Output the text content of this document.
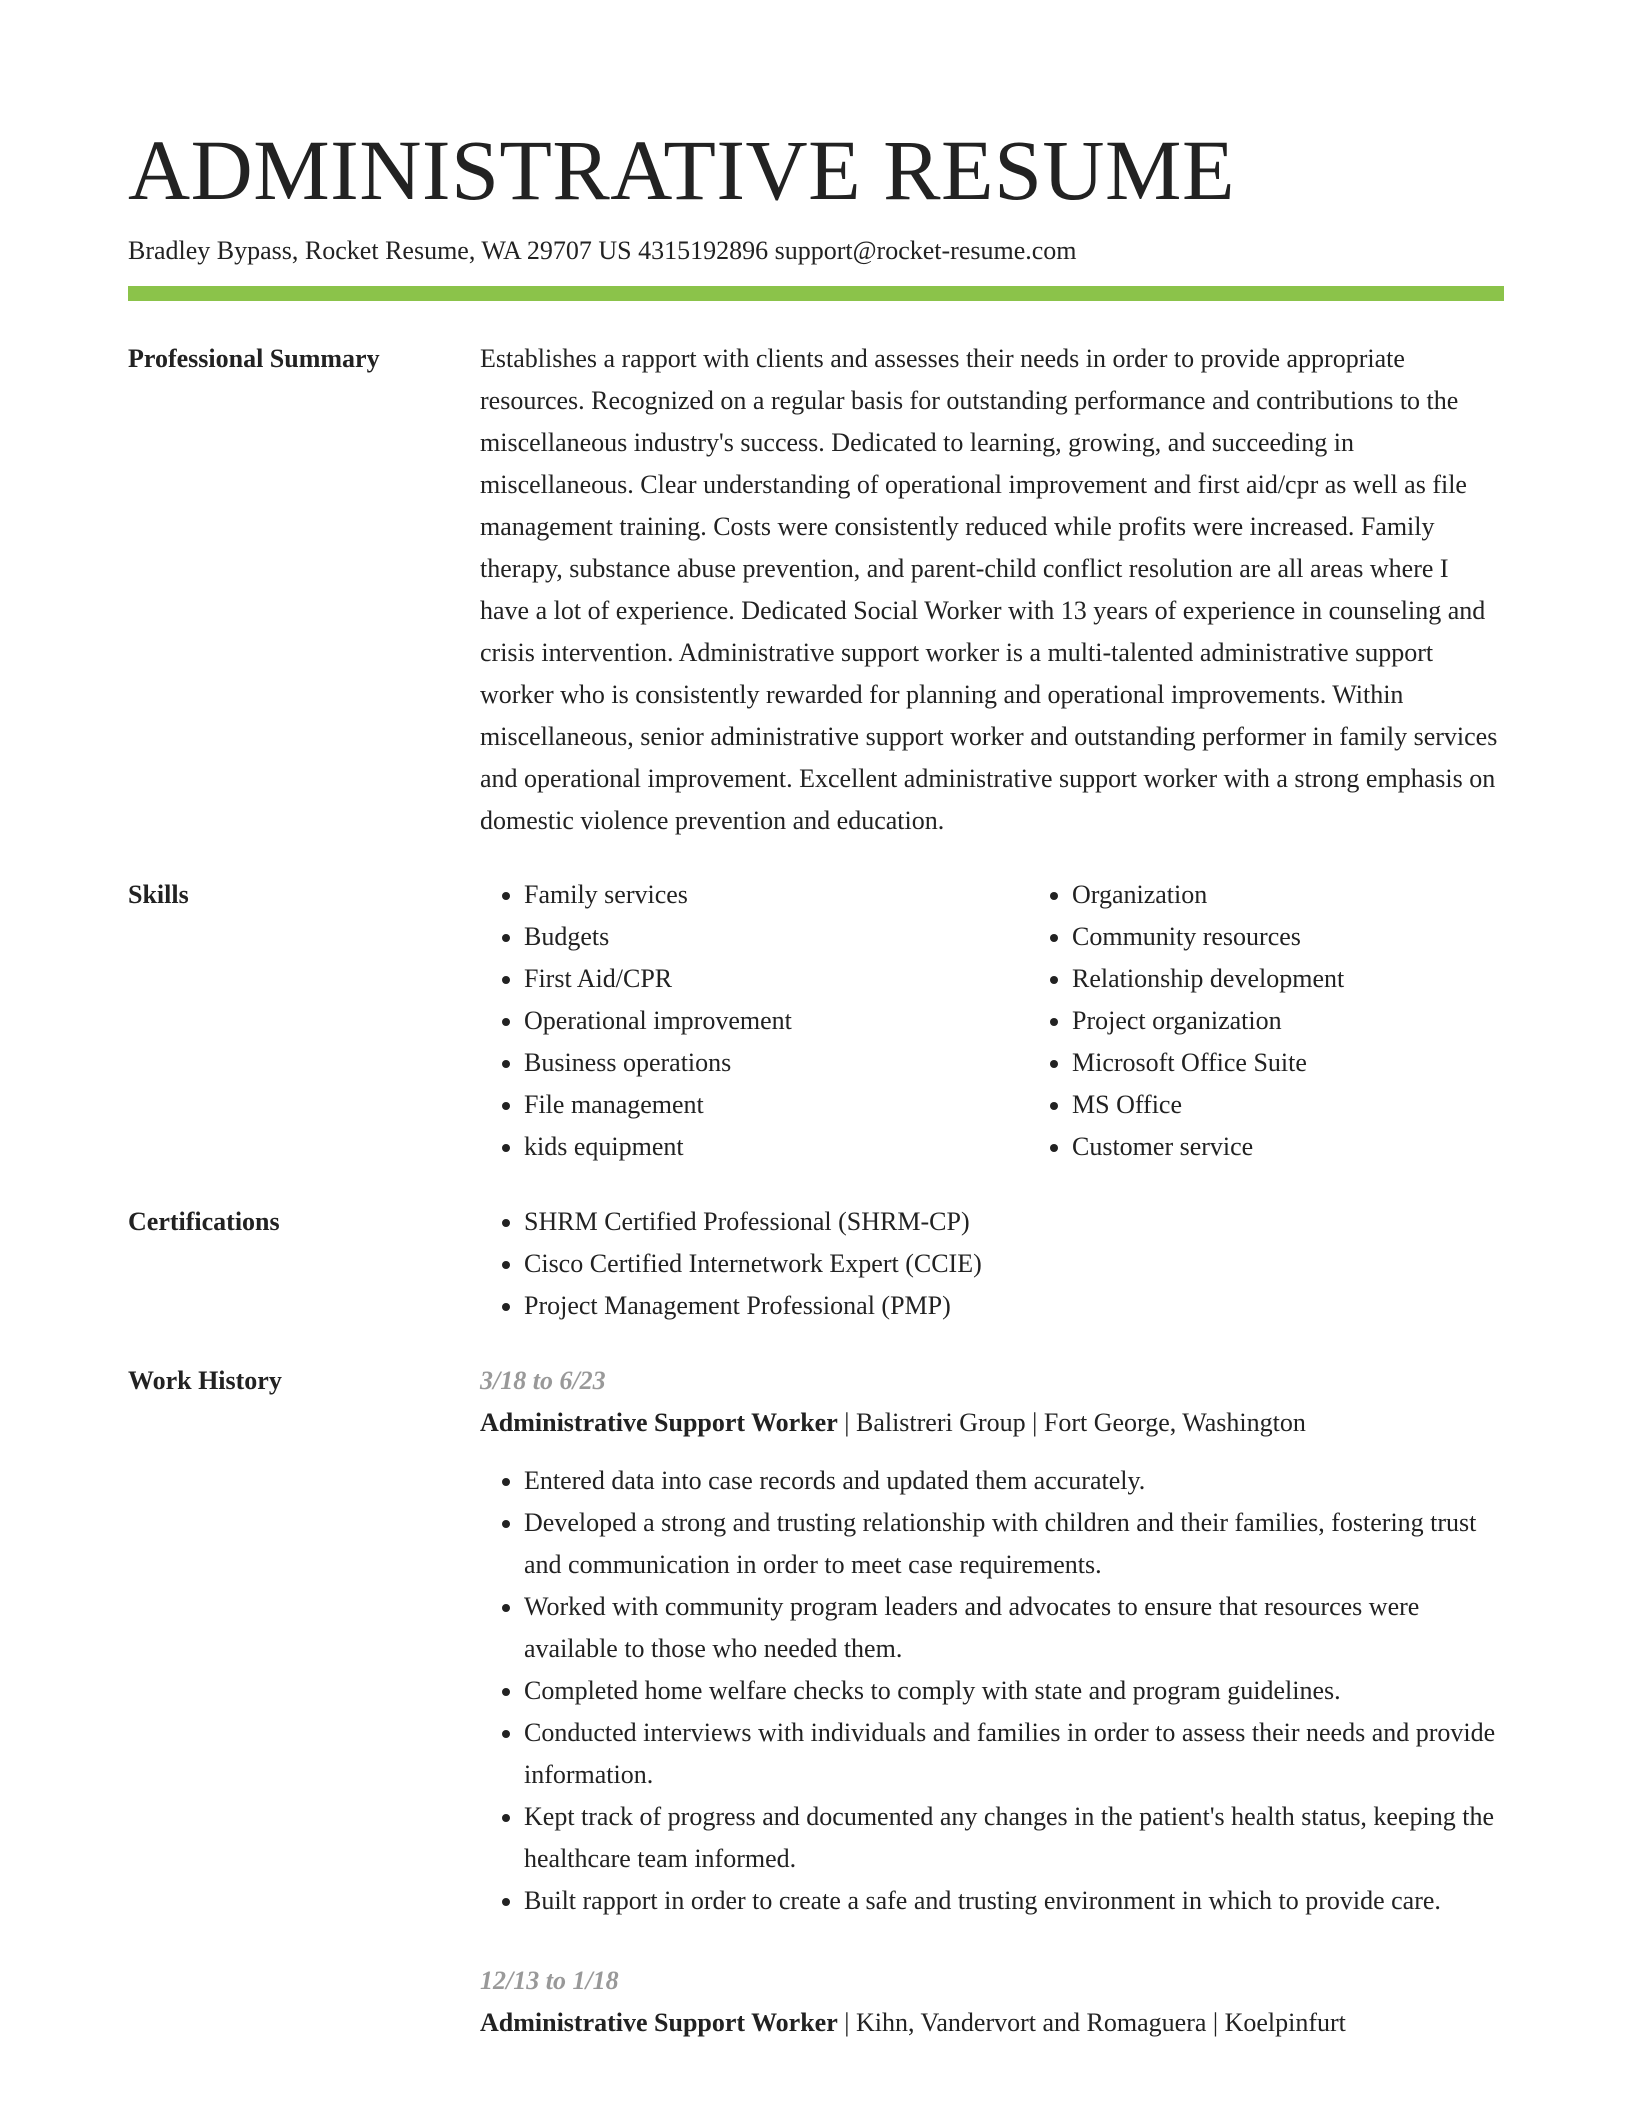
ADMINISTRATIVE RESUME
Bradley Bypass, Rocket Resume, WA 29707 US 4315192896 support@rocket-resume.com
Professional Summary	Establishes a rapport with clients and assesses their needs in order to provide appropriate resources. Recognized on a regular basis for outstanding performance and contributions to the miscellaneous industry's success. Dedicated to learning, growing, and succeeding in miscellaneous. Clear understanding of operational improvement and first aid/cpr as well as file management training. Costs were consistently reduced while profits were increased. Family therapy, substance abuse prevention, and parent-child conflict resolution are all areas where I have a lot of experience. Dedicated Social Worker with 13 years of experience in counseling and crisis intervention. Administrative support worker is a multi-talented administrative support worker who is consistently rewarded for planning and operational improvements. Within miscellaneous, senior administrative support worker and outstanding performer in family services and operational improvement. Excellent administrative support worker with a strong emphasis on domestic violence prevention and education.

Skills	• Family services
• Budgets
• First Aid/CPR
• Operational improvement
• Business operations
• File management
• kids equipment
• Organization
• Community resources
• Relationship development
• Project organization
• Microsoft Office Suite
• MS Office
• Customer service
Certifications	• SHRM Certified Professional (SHRM-CP)
• Cisco Certified Internetwork Expert (CCIE)
• Project Management Professional (PMP)
Work History	3/18 to 6/23
Administrative Support Worker | Balistreri Group | Fort George, Washington
• Entered data into case records and updated them accurately.
• Developed a strong and trusting relationship with children and their families, fostering trust and communication in order to meet case requirements.
• Worked with community program leaders and advocates to ensure that resources were available to those who needed them.
• Completed home welfare checks to comply with state and program guidelines.
• Conducted interviews with individuals and families in order to assess their needs and provide information.
• Kept track of progress and documented any changes in the patient's health status, keeping the healthcare team informed.
• Built rapport in order to create a safe and trusting environment in which to provide care.
12/13 to 1/18
Administrative Support Worker | Kihn, Vandervort and Romaguera | Koelpinfurt
